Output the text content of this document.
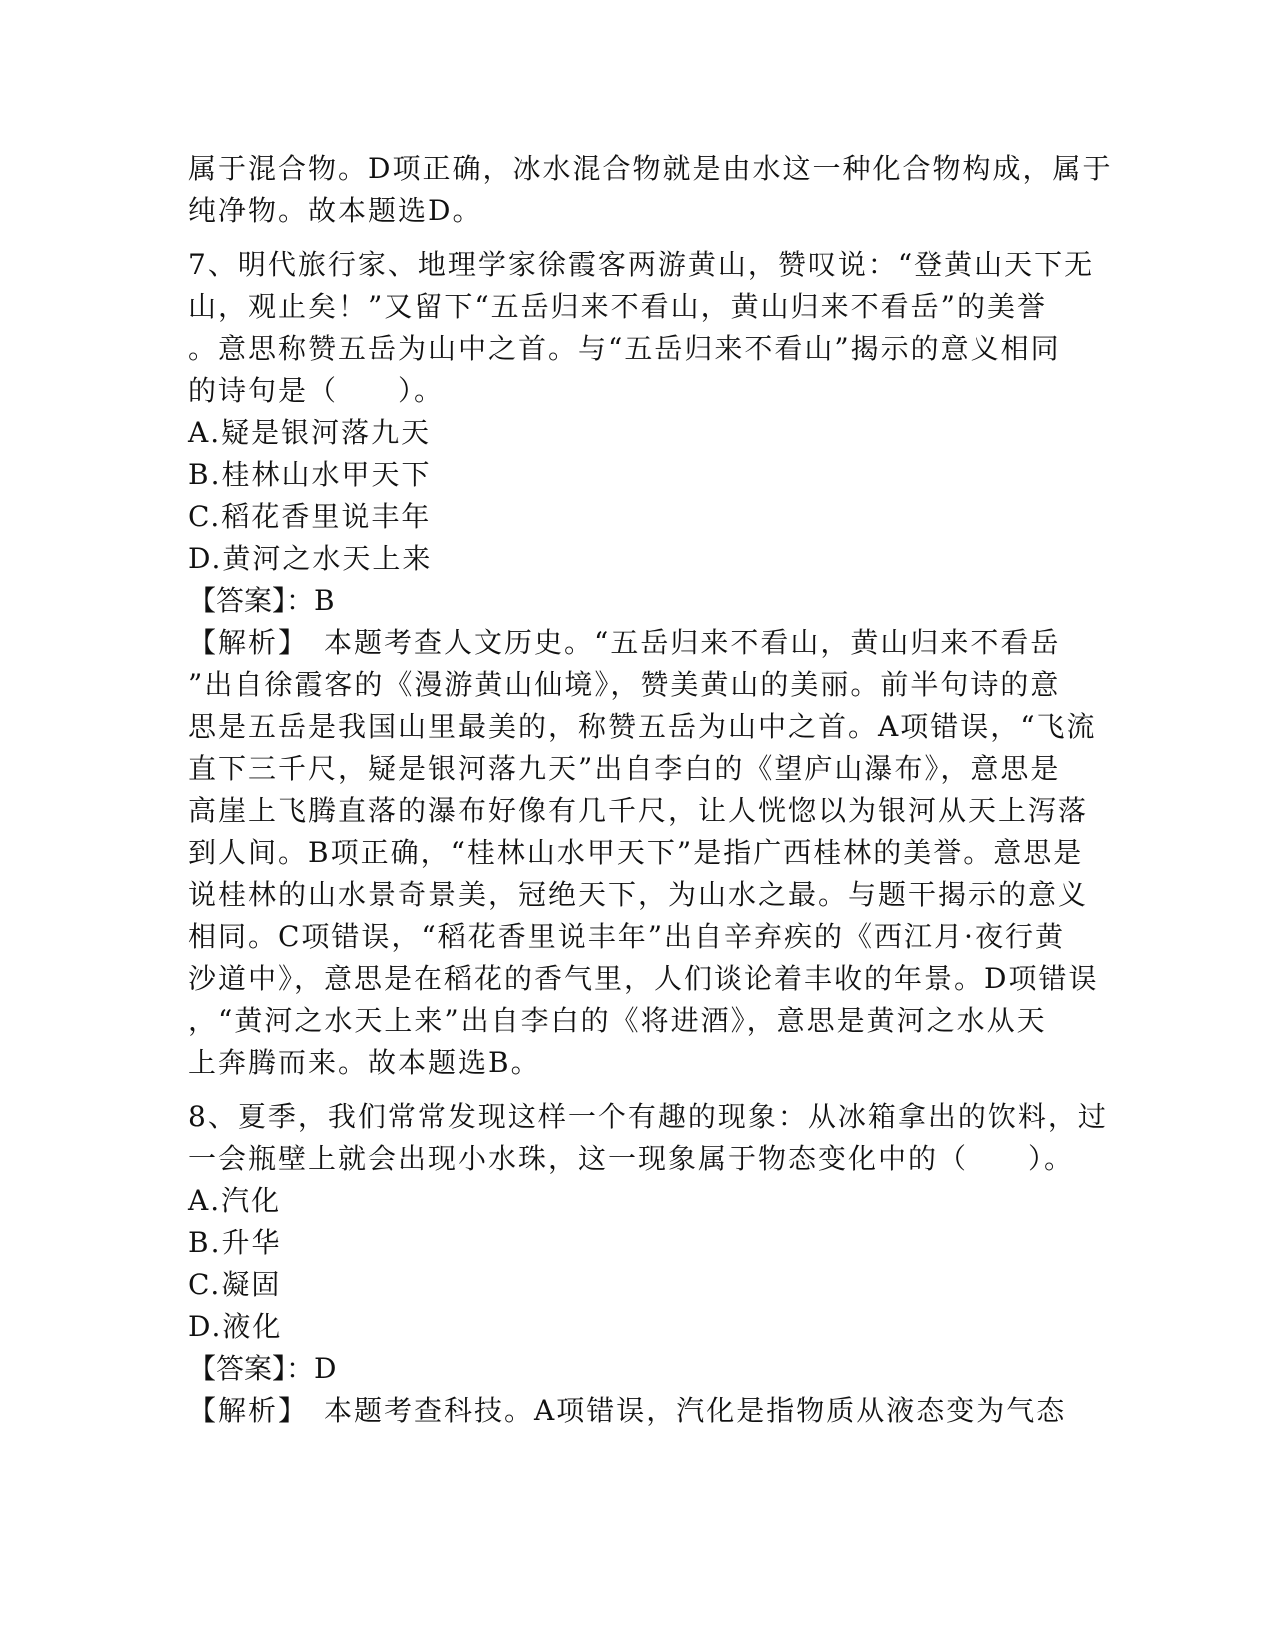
属于混合物。D项正确，冰水混合物就是由水这一种化合物构成，属于
纯净物。故本题选D。
7、明代旅行家、地理学家徐霞客两游黄山，赞叹说：“登黄山天下无
山，观止矣！”又留下“五岳归来不看山，黄山归来不看岳”的美誉
。意思称赞五岳为山中之首。与“五岳归来不看山”揭示的意义相同
的诗句是（　　）。
A.疑是银河落九天
B.桂林山水甲天下
C.稻花香里说丰年
D.黄河之水天上来
【答案】：B
【解析】　本题考查人文历史。“五岳归来不看山，黄山归来不看岳
”出自徐霞客的《漫游黄山仙境》，赞美黄山的美丽。前半句诗的意
思是五岳是我国山里最美的，称赞五岳为山中之首。A项错误，“飞流
直下三千尺，疑是银河落九天”出自李白的《望庐山瀑布》，意思是
高崖上飞腾直落的瀑布好像有几千尺，让人恍惚以为银河从天上泻落
到人间。B项正确，“桂林山水甲天下”是指广西桂林的美誉。意思是
说桂林的山水景奇景美，冠绝天下，为山水之最。与题干揭示的意义
相同。C项错误，“稻花香里说丰年”出自辛弃疾的《西江月·夜行黄
沙道中》，意思是在稻花的香气里，人们谈论着丰收的年景。D项错误
，“黄河之水天上来”出自李白的《将进酒》，意思是黄河之水从天
上奔腾而来。故本题选B。
8、夏季，我们常常发现这样一个有趣的现象：从冰箱拿出的饮料，过
一会瓶壁上就会出现小水珠，这一现象属于物态变化中的（　　）。
A.汽化
B.升华
C.凝固
D.液化
【答案】：D
【解析】　本题考查科技。A项错误，汽化是指物质从液态变为气态
